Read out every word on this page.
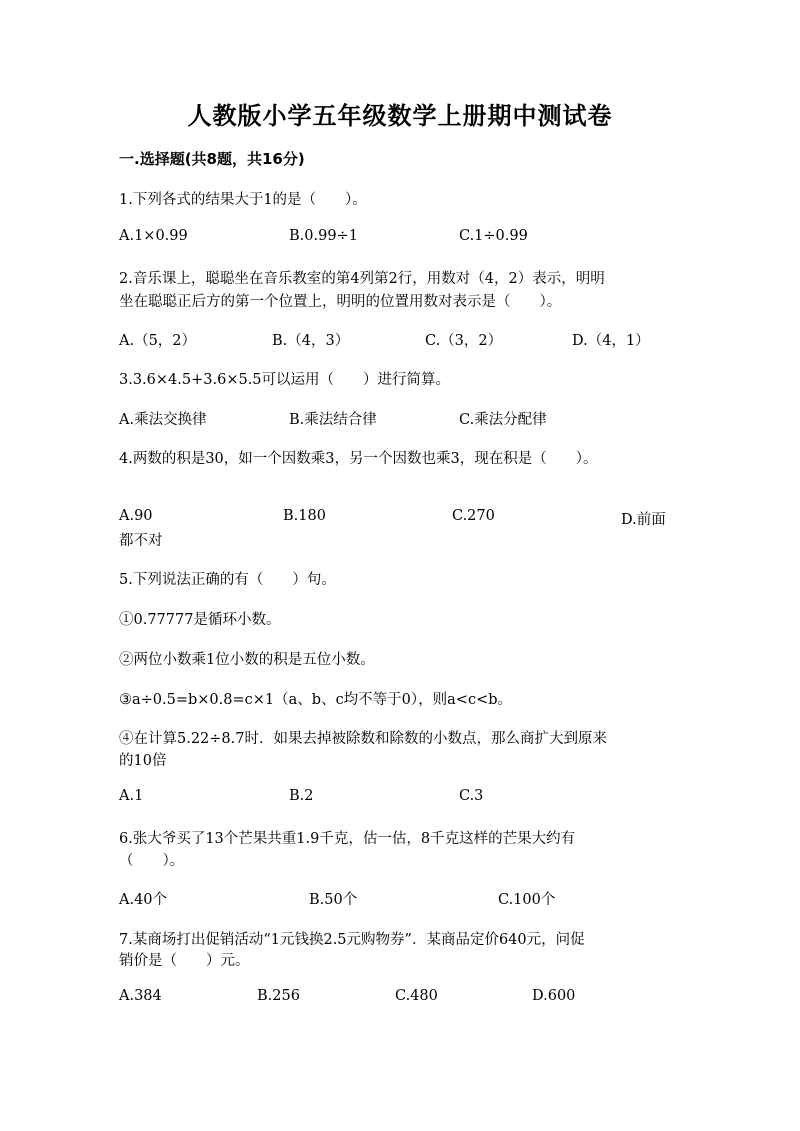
人教版小学五年级数学上册期中测试卷
一.选择题(共8题，共16分)
1.下列各式的结果大于1的是（　　）。
A.1×0.99	B.0.99÷1	C.1÷0.99
2.音乐课上，聪聪坐在音乐教室的第4列第2行，用数对（4，2）表示，明明
坐在聪聪正后方的第一个位置上，明明的位置用数对表示是（　　）。
A.（5，2）	B.（4，3）	C.（3，2）	D.（4，1）
3.3.6×4.5+3.6×5.5可以运用（　　）进行简算。
A.乘法交换律	B.乘法结合律	C.乘法分配律
4.两数的积是30，如一个因数乘3，另一个因数也乘3，现在积是（　　）。
A.90	B.180	C.270	D.前面
都不对
5.下列说法正确的有（　　）句。
①0.77777是循环小数。
②两位小数乘1位小数的积是五位小数。
③a÷0.5=b×0.8=c×1（a、b、c均不等于0），则a<c<b。
④在计算5.22÷8.7时．如果去掉被除数和除数的小数点，那么商扩大到原来
的10倍
A.1	B.2	C.3
6.张大爷买了13个芒果共重1.9千克，估一估，8千克这样的芒果大约有
（　　）。
A.40个	B.50个	C.100个
7.某商场打出促销活动“1元钱换2.5元购物券”．某商品定价640元，问促
销价是（　　）元。
A.384	B.256	C.480	D.600
